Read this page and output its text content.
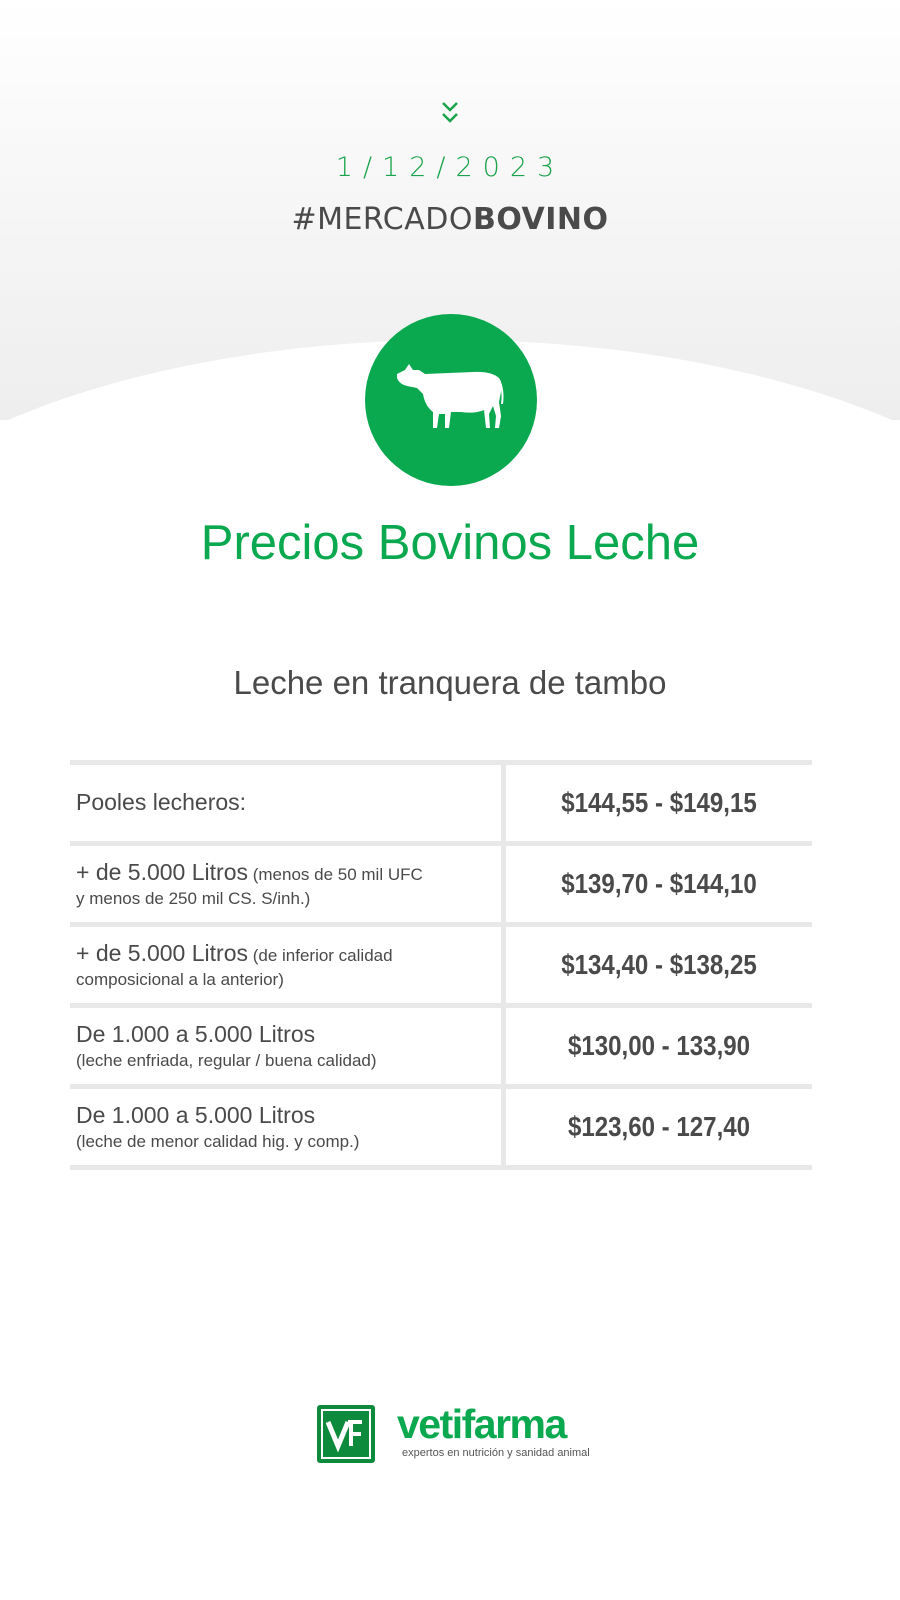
1/12/2023
#MERCADOBOVINO
Precios Bovinos Leche
Leche en tranquera de tambo
Pooles lecheros:	$144,55 - $149,15
+ de 5.000 Litros (menos de 50 mil UFC
y menos de 250 mil CS. S/inh.)	$139,70 - $144,10
+ de 5.000 Litros (de inferior calidad
composicional a la anterior)	$134,40 - $138,25
De 1.000 a 5.000 Litros
(leche enfriada, regular / buena calidad)	$130,00 - 133,90
De 1.000 a 5.000 Litros
(leche de menor calidad hig. y comp.)	$123,60 - 127,40
vetifarma
expertos en nutrición y sanidad animal
